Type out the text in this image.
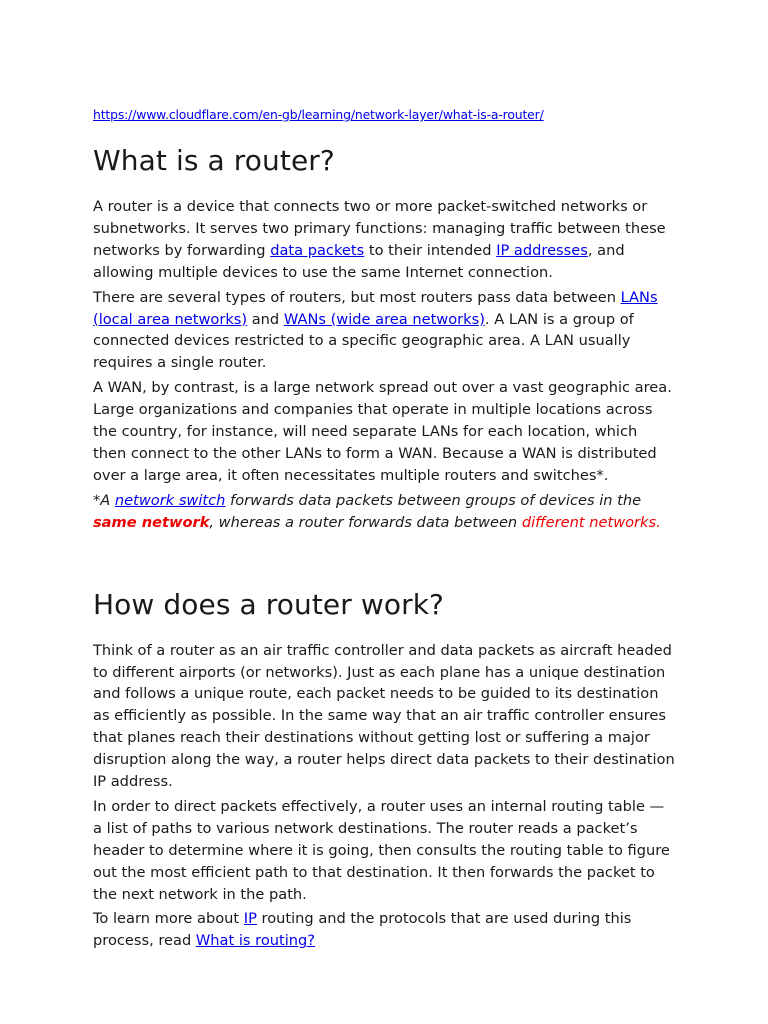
https://www.cloudflare.com/en-gb/learning/network-layer/what-is-a-router/
What is a router?

A router is a device that connects two or more packet-switched networks or subnetworks. It serves two primary functions: managing traffic between these networks by forwarding data packets to their intended IP addresses, and allowing multiple devices to use the same Internet connection.

There are several types of routers, but most routers pass data between LANs (local area networks) and WANs (wide area networks). A LAN is a group of connected devices restricted to a specific geographic area. A LAN usually requires a single router.

A WAN, by contrast, is a large network spread out over a vast geographic area. Large organizations and companies that operate in multiple locations across the country, for instance, will need separate LANs for each location, which then connect to the other LANs to form a WAN. Because a WAN is distributed over a large area, it often necessitates multiple routers and switches*.

*A network switch forwards data packets between groups of devices in the same network, whereas a router forwards data between different networks.

How does a router work?

Think of a router as an air traffic controller and data packets as aircraft headed to different airports (or networks). Just as each plane has a unique destination and follows a unique route, each packet needs to be guided to its destination as efficiently as possible. In the same way that an air traffic controller ensures that planes reach their destinations without getting lost or suffering a major disruption along the way, a router helps direct data packets to their destination IP address.

In order to direct packets effectively, a router uses an internal routing table — a list of paths to various network destinations. The router reads a packet’s header to determine where it is going, then consults the routing table to figure out the most efficient path to that destination. It then forwards the packet to the next network in the path.

To learn more about IP routing and the protocols that are used during this process, read What is routing?
